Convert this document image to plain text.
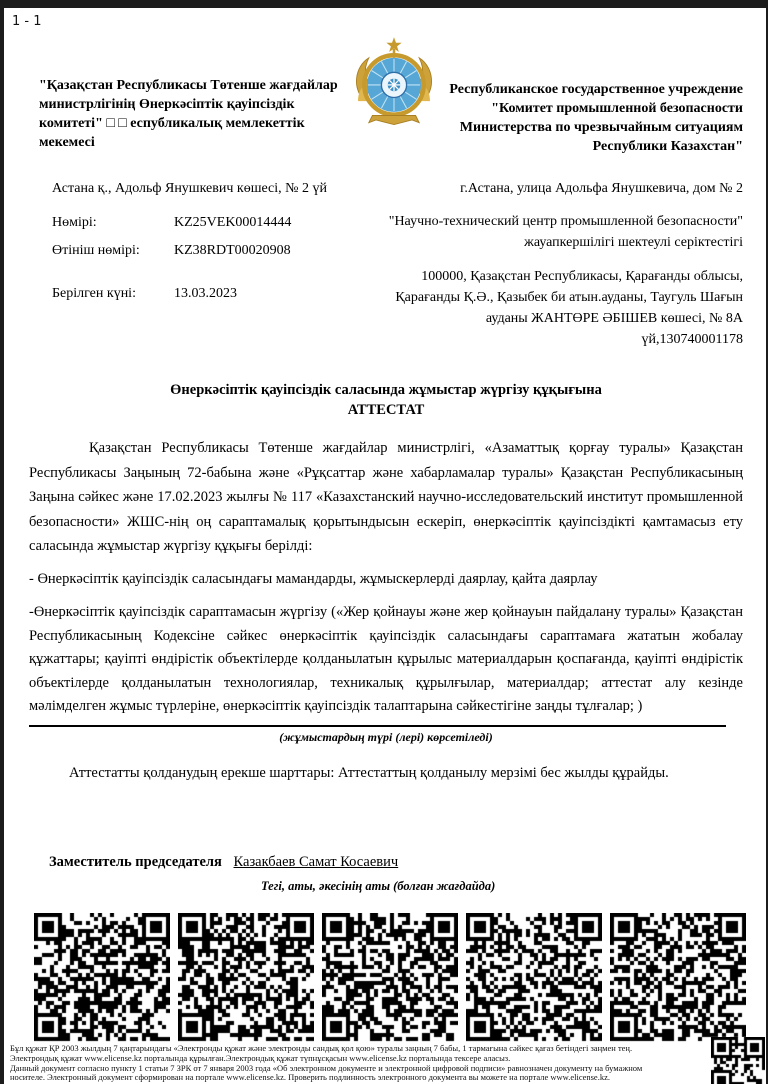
1 - 1
"Қазақстан Республикасы Төтенше жағдайлар министрлігінің Өнеркәсіптік қауіпсіздік комитеті" □ □ еспубликалық мемлекеттік мекемесі
Республиканское государственное учреждение "Комитет промышленной безопасности Министерства по чрезвычайным ситуациям Республики Казахстан"
Астана қ., Адольф Янушкевич көшесі, № 2 үй	г.Астана, улица Адольфа Янушкевича, дом № 2
Нөмірі:	KZ25VEK00014444
Өтініш нөмірі:	KZ38RDT00020908
Берілген күні:	13.03.2023
"Научно-технический центр промышленной безопасности" жауапкершілігі шектеулі серіктестігі
100000, Қазақстан Республикасы, Қарағанды облысы, Қарағанды Қ.Ә., Қазыбек би атын.ауданы, Таугуль Шағын ауданы ЖАНТӨРЕ ӘБІШЕВ көшесі, № 8А үй,130740001178
Өнеркәсіптік қауіпсіздік саласында жұмыстар жүргізу құқығына
АТТЕСТАТ
Қазақстан Республикасы Төтенше жағдайлар министрлігі, «Азаматтық қорғау туралы» Қазақстан Республикасы Заңының 72-бабына және «Рұқсаттар және хабарламалар туралы» Қазақстан Республикасының Заңына сәйкес және 17.02.2023 жылғы № 117 «Казахстанский научно-исследовательский институт промышленной безопасности» ЖШС-нің оң сараптамалық қорытындысын ескеріп, өнеркәсіптік қауіпсіздікті қамтамасыз ету саласында жұмыстар жүргізу құқығы берілді:
- Өнеркәсіптік қауіпсіздік саласындағы мамандарды, жұмыскерлерді даярлау, қайта даярлау
-Өнеркәсіптік қауіпсіздік сараптамасын жүргізу («Жер қойнауы және жер қойнауын пайдалану туралы» Қазақстан Республикасының Кодексіне сәйкес өнеркәсіптік қауіпсіздік саласындағы сараптамаға жататын жобалау құжаттары; қауіпті өндірістік объектілерде қолданылатын құрылыс материалдарын қоспағанда, қауіпті өндірістік объектілерде қолданылатын технологиялар, техникалық құрылғылар, материалдар; аттестат алу кезінде мәлімделген жұмыс түрлеріне, өнеркәсіптік қауіпсіздік талаптарына сәйкестігіне заңды тұлғалар; )
(жұмыстардың түрі (лері) көрсетіледі)
Аттестатты қолданудың ерекше шарттары: Аттестаттың қолданылу мерзімі бес жылды құрайды.
Заместитель председателя Казакбаев Самат Косаевич
Тегі, аты, әкесінің аты (болған жағдайда)
Бұл құжат ҚР 2003 жылдың 7 қаңтарындағы «Электронды құжат және электронды сандық қол қою» туралы заңның 7 бабы, 1 тармағына сәйкес қағаз бетіндегі заңмен тең.
Электрондық құжат www.elicense.kz порталында құрылған.Электрондық құжат түпнұсқасын www.elicense.kz порталында тексере аласыз.
Данный документ согласно пункту 1 статьи 7 ЗРК от 7 января 2003 года «Об электронном документе и электронной цифровой подписи» равнозначен документу на бумажном
носителе. Электронный документ сформирован на портале www.elicense.kz. Проверить подлинность электронного документа вы можете на портале www.elicense.kz.
